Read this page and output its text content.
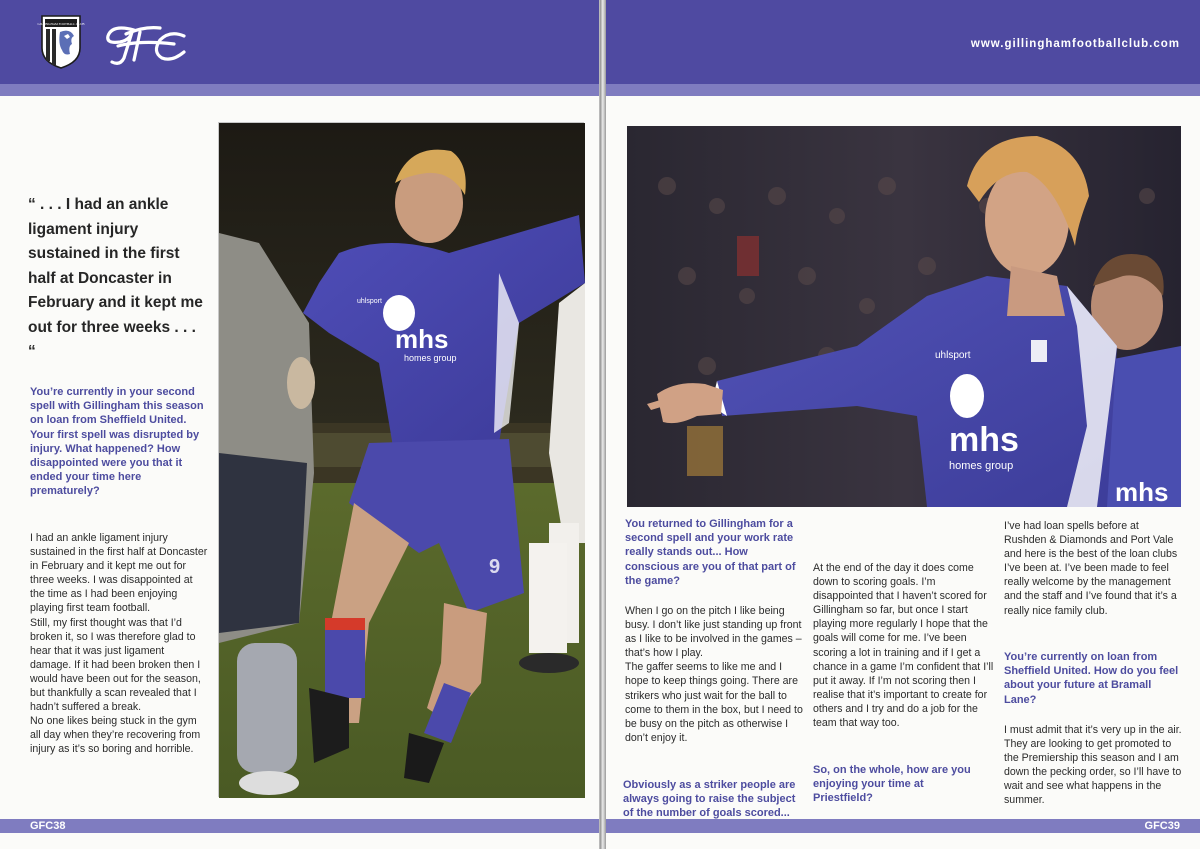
GILLINGHAM FOOTBALL CLUB
“ . . . I had an ankle ligament injury sustained in the first half at Doncaster in February and it kept me out for three weeks . . . “
You’re currently in your second spell with Gillingham this season on loan from Sheffield United. Your first spell was disrupted by injury. What happened? How disappointed were you that it ended your time here prematurely?

I had an ankle ligament injury sustained in the first half at Doncaster in February and it kept me out for three weeks. I was disappointed at the time as I had been enjoying playing first team football.

Still, my first thought was that I’d broken it, so I was therefore glad to hear that it was just ligament damage. If it had been broken then I would have been out for the season, but thankfully a scan revealed that I hadn’t suffered a break.

No one likes being stuck in the gym all day when they’re recovering from injury as it’s so boring and horrible.

mhs
homes group
uhlsport
9
GFC38
www.gillinghamfootballclub.com
mhs
mhs
homes group
uhlsport
You returned to Gillingham for a second spell and your work rate really stands out... How conscious are you of that part of the game?

When I go on the pitch I like being busy. I don’t like just standing up front as I like to be involved in the games – that’s how I play.

The gaffer seems to like me and I hope to keep things going. There are strikers who just wait for the ball to come to them in the box, but I need to be busy on the pitch as otherwise I don’t enjoy it.

Obviously as a striker people are always going to raise the subject of the number of goals scored...
At the end of the day it does come down to scoring goals. I’m disappointed that I haven’t scored for Gillingham so far, but once I start playing more regularly I hope that the goals will come for me. I’ve been scoring a lot in training and if I get a chance in a game I’m confident that I’ll put it away. If I’m not scoring then I realise that it’s important to create for others and I try and do a job for the team that way too.
So, on the whole, how are you enjoying your time at Priestfield?
I’ve had loan spells before at Rushden & Diamonds and Port Vale and here is the best of the loan clubs I’ve been at. I’ve been made to feel really welcome by the management and the staff and I’ve found that it’s a really nice family club.
You’re currently on loan from Sheffield United. How do you feel about your future at Bramall Lane?
I must admit that it’s very up in the air. They are looking to get promoted to the Premiership this season and I am down the pecking order, so I’ll have to wait and see what happens in the summer.
GFC39
